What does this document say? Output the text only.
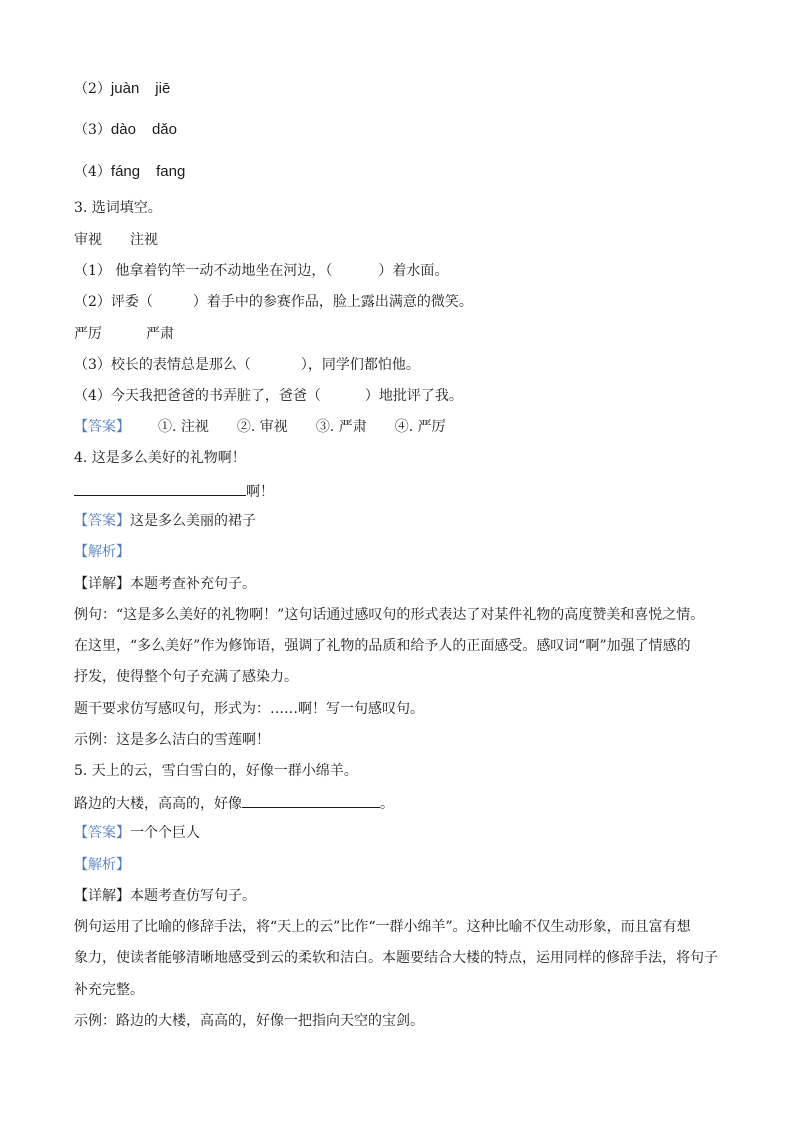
（2）juàn jiē
（3）dào dǎo
（4）fáng fang
3. 选词填空。
审视 注视
（1） 他拿着钓竿一动不动地坐在河边，（	）着水面。
（2）评委（	）着手中的参赛作品，脸上露出满意的微笑。
严厉	严肃
（3）校长的表情总是那么（	），同学们都怕他。
（4）今天我把爸爸的书弄脏了，爸爸（	）地批评了我。
【答案】 ①. 注视 ②. 审视 ③. 严肃 ④. 严厉
4. 这是多么美好的礼物啊！
啊！
【答案】这是多么美丽的裙子
【解析】
【详解】本题考查补充句子。
例句：“这是多么美好的礼物啊！”这句话通过感叹句的形式表达了对某件礼物的高度赞美和喜悦之情。
在这里，“多么美好”作为修饰语，强调了礼物的品质和给予人的正面感受。感叹词“啊”加强了情感的
抒发，使得整个句子充满了感染力。
题干要求仿写感叹句，形式为：……啊！写一句感叹句。
示例：这是多么洁白的雪莲啊！
5. 天上的云，雪白雪白的，好像一群小绵羊。
路边的大楼，高高的，好像	。
【答案】一个个巨人
【解析】
【详解】本题考查仿写句子。
例句运用了比喻的修辞手法，将“天上的云”比作“一群小绵羊”。这种比喻不仅生动形象，而且富有想
象力，使读者能够清晰地感受到云的柔软和洁白。本题要结合大楼的特点，运用同样的修辞手法，将句子
补充完整。
示例：路边的大楼，高高的，好像一把指向天空的宝剑。
